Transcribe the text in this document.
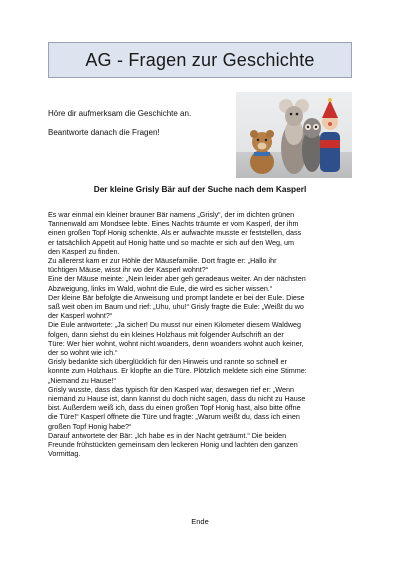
AG - Fragen zur Geschichte
Höre dir aufmerksam die Geschichte an.
Beantworte danach die Fragen!
Der kleine Grisly Bär auf der Suche nach dem Kasperl

Es war einmal ein kleiner brauner Bär namens „Grisly“, der im dichten grünen

Tannenwald am Mondsee lebte. Eines Nachts träumte er vom Kasperl, der ihm

einen großen Topf Honig schenkte. Als er aufwachte musste er feststellen, dass

er tatsächlich Appetit auf Honig hatte und so machte er sich auf den Weg, um

den Kasperl zu finden.

Zu allererst kam er zur Höhle der Mäusefamilie. Dort fragte er: „Hallo ihr

tüchtigen Mäuse, wisst ihr wo der Kasperl wohnt?“

Eine der Mäuse meinte: „Nein leider aber geh geradeaus weiter. An der nächsten

Abzweigung, links im Wald, wohnt die Eule, die wird es sicher wissen.“

Der kleine Bär befolgte die Anweisung und prompt landete er bei der Eule. Diese

saß weit oben im Baum und rief: „Uhu, uhu!“ Grisly fragte die Eule: „Weißt du wo

der Kasperl wohnt?“

Die Eule antwortete: „Ja sicher! Du musst nur einen Kilometer diesem Waldweg

folgen, dann siehst du ein kleines Holzhaus mit folgender Aufschrift an der

Türe: Wer hier wohnt, wohnt nicht woanders, denn woanders wohnt auch keiner,

der so wohnt wie ich.“

Grisly bedankte sich überglücklich für den Hinweis und rannte so schnell er

konnte zum Holzhaus. Er klopfte an die Türe. Plötzlich meldete sich eine Stimme:

„Niemand zu Hause!“

Grisly wusste, dass das typisch für den Kasperl war, deswegen rief er: „Wenn

niemand zu Hause ist, dann kannst du doch nicht sagen, dass du nicht zu Hause

bist. Außerdem weiß ich, dass du einen großen Topf Honig hast, also bitte öffne

die Türe!“ Kasperl öffnete die Türe und fragte: „Warum weißt du, dass ich einen

großen Topf Honig habe?“

Darauf antwortete der Bär: „Ich habe es in der Nacht geträumt.“ Die beiden

Freunde frühstückten gemeinsam den leckeren Honig und lachten den ganzen

Vormittag.

Ende
